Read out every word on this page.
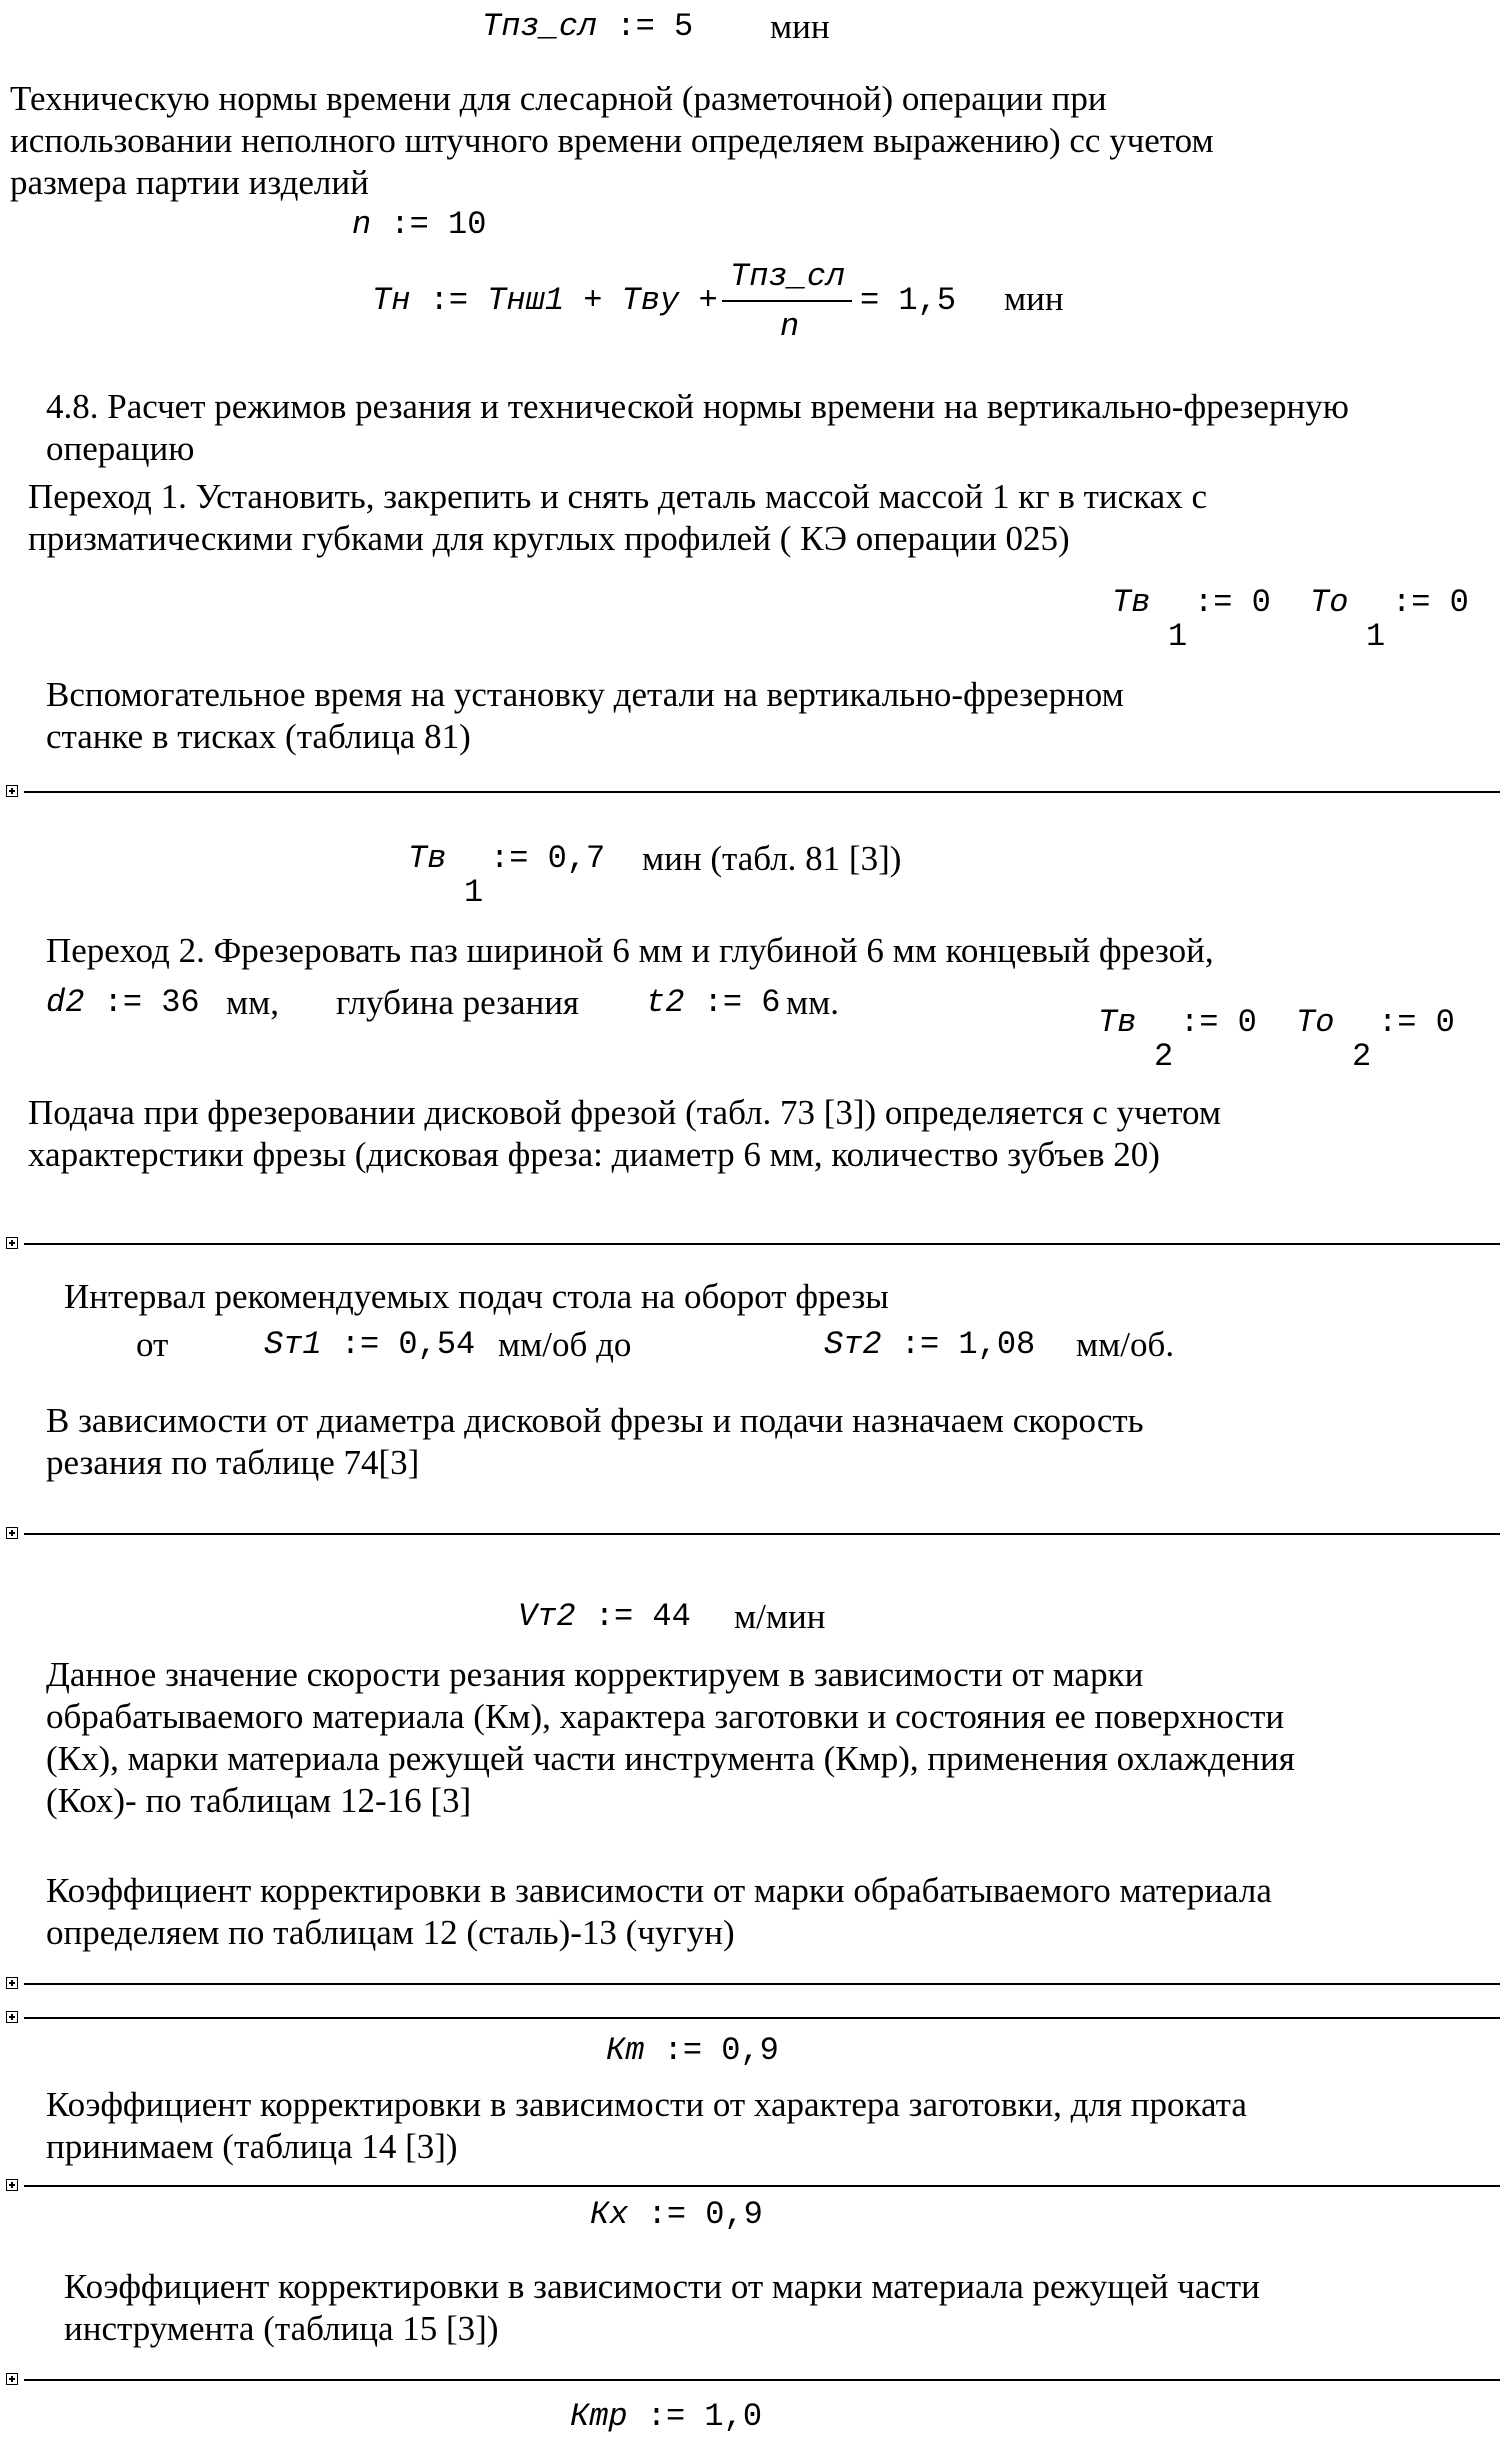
Тпз_сл := 5 мин
Техническую нормы времени для слесарной (разметочной) операции при
использовании неполного штучного времени определяем выражению) сс учетом
размера партии изделий
n := 10
Тн := Тнш1 + Тву +
Тпз_сл
n
= 1,5 мин
4.8. Расчет режимов резания и технической нормы времени на вертикально-фрезерную
операцию
Переход 1. Установить, закрепить и снять деталь массой массой 1 кг в тисках с
призматическими губками для круглых профилей ( КЭ операции 025)
Тв
1
:= 0 То
1
:= 0
Вспомогательное время на установку детали на вертикально-фрезерном
станке в тисках (таблица 81)
Тв
1
:= 0,7 мин (табл. 81 [3])
Переход 2. Фрезеровать паз шириной 6 мм и глубиной 6 мм концевый фрезой,
d2 := 36 мм, глубина резания t2 := 6 мм.
Тв
2
:= 0 То
2
:= 0
Подача при фрезеровании дисковой фрезой (табл. 73 [3]) определяется с учетом
характерстики фрезы (дисковая фреза: диаметр 6 мм, количество зубъев 20)
Интервал рекомендуемых подач стола на оборот фрезы
от	Sт1 := 0,54 мм/об до	Sт2 := 1,08 мм/об.
В зависимости от диаметра дисковой фрезы и подачи назначаем скорость
резания по таблице 74[3]
Vт2 := 44 м/мин
Данное значение скорости резания корректируем в зависимости от марки
обрабатываемого материала (Км), характера заготовки и состояния ее поверхности
(Кх), марки материала режущей части инструмента (Кмр), применения охлаждения
(Кох)- по таблицам 12-16 [3]
Коэффициент корректировки в зависимости от марки обрабатываемого материала
определяем по таблицам 12 (сталь)-13 (чугун)
Кm := 0,9
Коэффициент корректировки в зависимости от характера заготовки, для проката
принимаем (таблица 14 [3])
Кх := 0,9
Коэффициент корректировки в зависимости от марки материала режущей части
инструмента (таблица 15 [3])
Кmр := 1,0
